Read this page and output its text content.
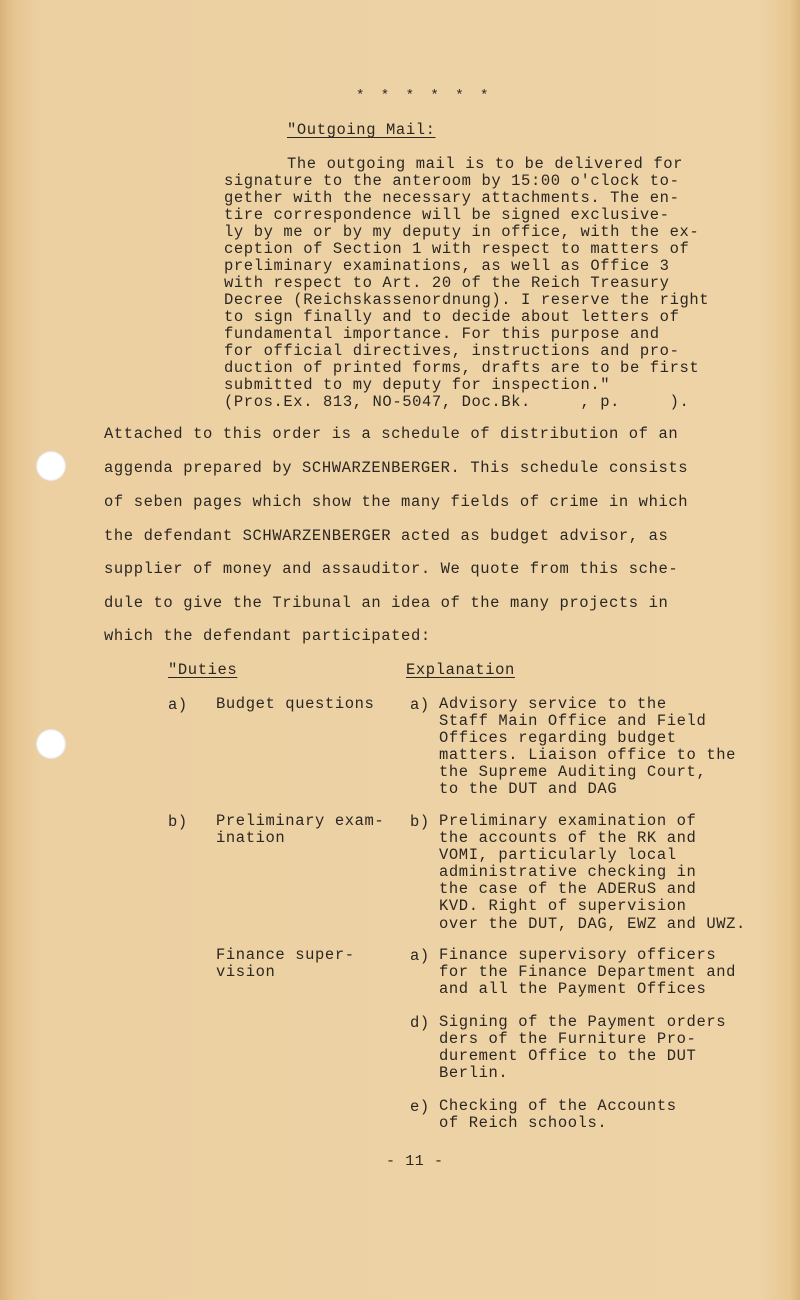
* * * * * *
"Outgoing Mail:
The outgoing mail is to be delivered for
signature to the anteroom by 15:00 o'clock to-
gether with the necessary attachments. The en-
tire correspondence will be signed exclusive-
ly by me or by my deputy in office, with the ex-
ception of Section 1 with respect to matters of
preliminary examinations, as well as Office 3
with respect to Art. 20 of the Reich Treasury
Decree (Reichskassenordnung). I reserve the right
to sign finally and to decide about letters of
fundamental importance. For this purpose and
for official directives, instructions and pro-
duction of printed forms, drafts are to be first
submitted to my deputy for inspection."
(Pros.Ex. 813, NO-5047, Doc.Bk.     , p.     ).
Attached to this order is a schedule of distribution of an
aggenda prepared by SCHWARZENBERGER. This schedule consists
of seben pages which show the many fields of crime in which
the defendant SCHWARZENBERGER acted as budget advisor, as
supplier of money and assauditor. We quote from this sche-
dule to give the Tribunal an idea of the many projects in
which the defendant participated:
"Duties	Explanation
a) Budget questions a) Advisory service to the
Staff Main Office and Field
Offices regarding budget
matters. Liaison office to the
the Supreme Auditing Court,
to the DUT and DAG
b) Preliminary exam-
ination
b) Preliminary examination of
the accounts of the RK and
VOMI, particularly local
administrative checking in
the case of the ADERuS and
KVD. Right of supervision
over the DUT, DAG, EWZ and UWZ.
Finance super-
vision
a) Finance supervisory officers
for the Finance Department and
and all the Payment Offices
d) Signing of the Payment orders
ders of the Furniture Pro-
durement Office to the DUT
Berlin.
e) Checking of the Accounts
of Reich schools.
- 11 -
